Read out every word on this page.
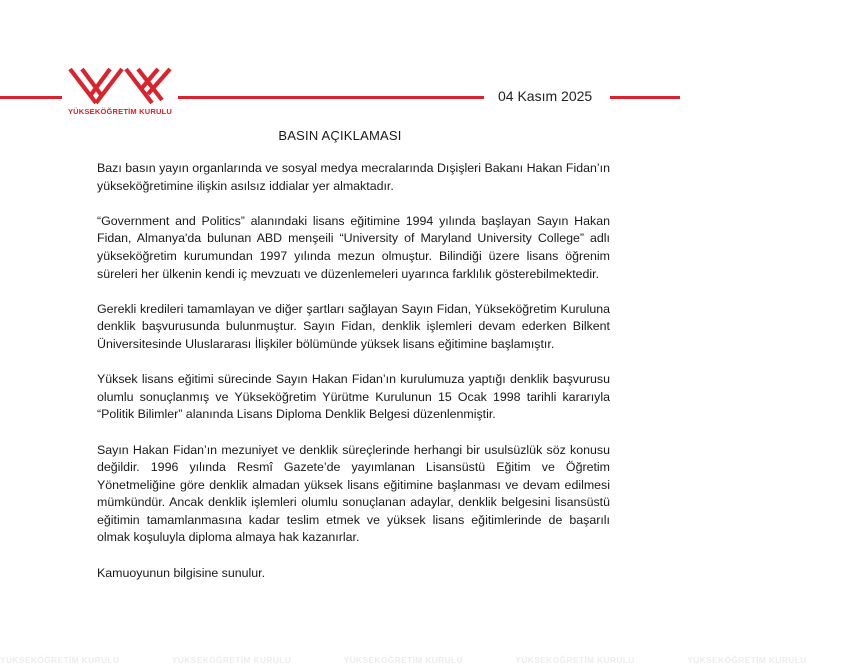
YÜKSEKÖĞRETİM KURULU
04 Kasım 2025
BASIN AÇIKLAMASI

Bazı basın yayın organlarında ve sosyal medya mecralarında Dışişleri Bakanı Hakan Fidan’ın yükseköğretimine ilişkin asılsız iddialar yer almaktadır.

“Government and Politics” alanındaki lisans eğitimine 1994 yılında başlayan Sayın Hakan Fidan, Almanya'da bulunan ABD menşeili “University of Maryland University College” adlı yükseköğretim kurumundan 1997 yılında mezun olmuştur. Bilindiği üzere lisans öğrenim süreleri her ülkenin kendi iç mevzuatı ve düzenlemeleri uyarınca farklılık gösterebilmektedir.

Gerekli kredileri tamamlayan ve diğer şartları sağlayan Sayın Fidan, Yükseköğretim Kuruluna denklik başvurusunda bulunmuştur. Sayın Fidan, denklik işlemleri devam ederken Bilkent Üniversitesinde Uluslararası İlişkiler bölümünde yüksek lisans eğitimine başlamıştır.

Yüksek lisans eğitimi sürecinde Sayın Hakan Fidan’ın kurulumuza yaptığı denklik başvurusu olumlu sonuçlanmış ve Yükseköğretim Yürütme Kurulunun 15 Ocak 1998 tarihli kararıyla “Politik Bilimler” alanında Lisans Diploma Denklik Belgesi düzenlenmiştir.

Sayın Hakan Fidan’ın mezuniyet ve denklik süreçlerinde herhangi bir usulsüzlük söz konusu değildir. 1996 yılında Resmî Gazete’de yayımlanan Lisansüstü Eğitim ve Öğretim Yönetmeliğine göre denklik almadan yüksek lisans eğitimine başlanması ve devam edilmesi mümkündür. Ancak denklik işlemleri olumlu sonuçlanan adaylar, denklik belgesini lisansüstü eğitimin tamamlanmasına kadar teslim etmek ve yüksek lisans eğitimlerinde de başarılı olmak koşuluyla diploma almaya hak kazanırlar.

Kamuoyunun bilgisine sunulur.

YÜKSEKÖĞRETİM KURULU	YÜKSEKÖĞRETİM KURULU	YÜKSEKÖĞRETİM KURULU	YÜKSEKÖĞRETİM KURULU	YÜKSEKÖĞRETİM KURULU
